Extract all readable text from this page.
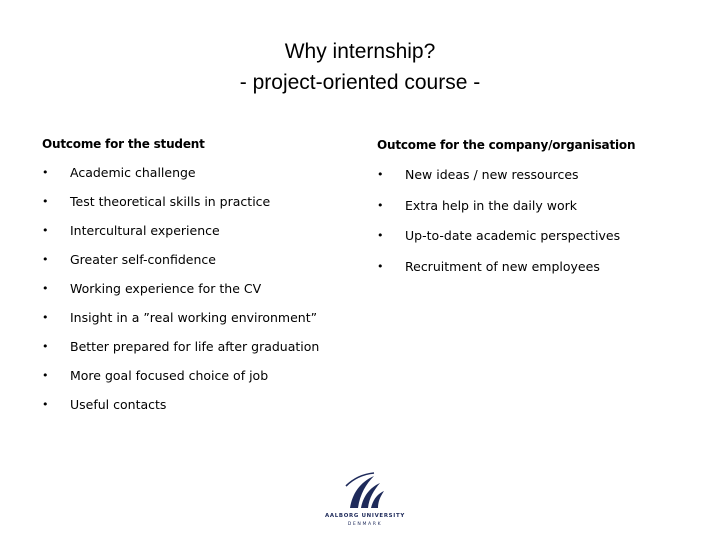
Why internship?
- project-oriented course -
Outcome for the student	Outcome for the company/organisation
• Academic challenge
• Test theoretical skills in practice
• Intercultural experience
• Greater self-confidence
• Working experience for the CV
• Insight in a ”real working environment”
• Better prepared for life after graduation
• More goal focused choice of job
• Useful contacts
• New ideas / new ressources
• Extra help in the daily work
• Up-to-date academic perspectives
• Recruitment of new employees
AALBORG UNIVERSITY
DENMARK
